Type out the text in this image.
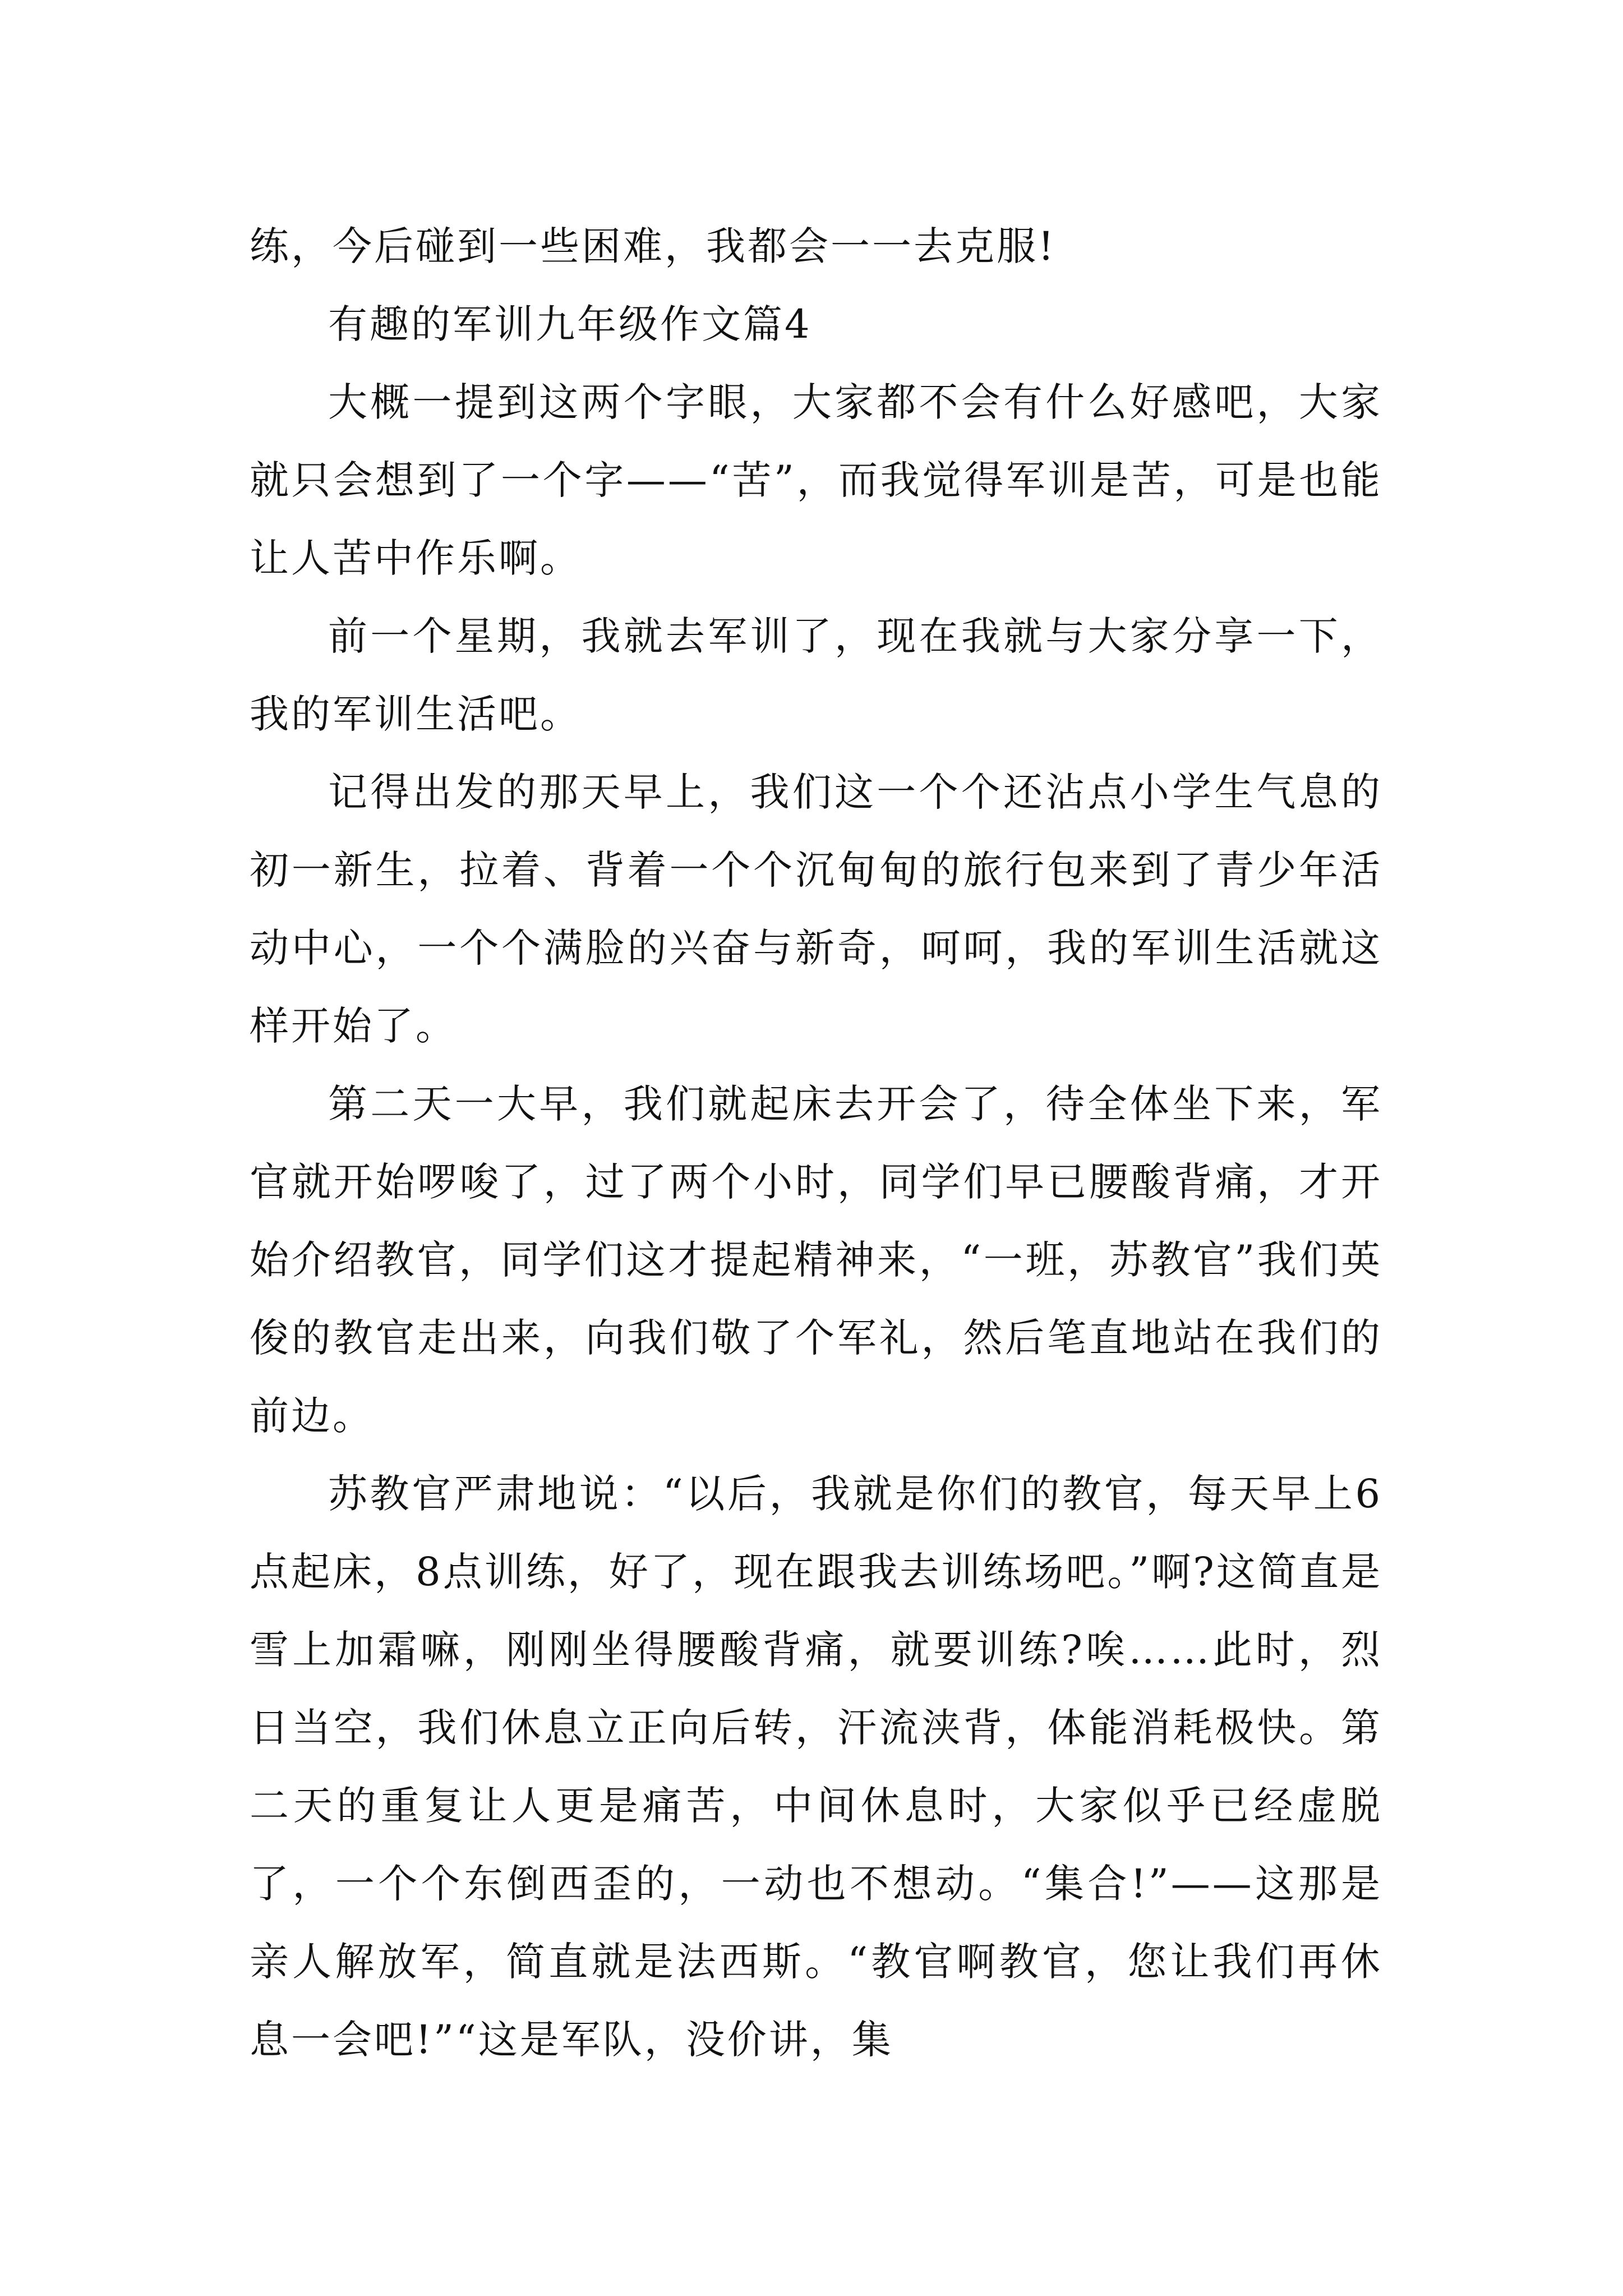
练，今后碰到一些困难，我都会一一去克服!

有趣的军训九年级作文篇4

大概一提到这两个字眼，大家都不会有什么好感吧，大家就只会想到了一个字——“苦”，而我觉得军训是苦，可是也能让人苦中作乐啊。

前一个星期，我就去军训了，现在我就与大家分享一下，我的军训生活吧。

记得出发的那天早上，我们这一个个还沾点小学生气息的初一新生，拉着、背着一个个沉甸甸的旅行包来到了青少年活动中心，一个个满脸的兴奋与新奇，呵呵，我的军训生活就这样开始了。

第二天一大早，我们就起床去开会了，待全体坐下来，军官就开始啰唆了，过了两个小时，同学们早已腰酸背痛，才开始介绍教官，同学们这才提起精神来，“一班，苏教官”我们英俊的教官走出来，向我们敬了个军礼，然后笔直地站在我们的前边。

苏教官严肃地说：“以后，我就是你们的教官，每天早上6点起床，8点训练，好了，现在跟我去训练场吧。”啊?这简直是雪上加霜嘛，刚刚坐得腰酸背痛，就要训练?唉……此时，烈日当空，我们休息立正向后转，汗流浃背，体能消耗极快。第二天的重复让人更是痛苦，中间休息时，大家似乎已经虚脱了，一个个东倒西歪的，一动也不想动。“集合!”——这那是亲人解放军，简直就是法西斯。“教官啊教官，您让我们再休息一会吧!”“这是军队，没价讲，集
